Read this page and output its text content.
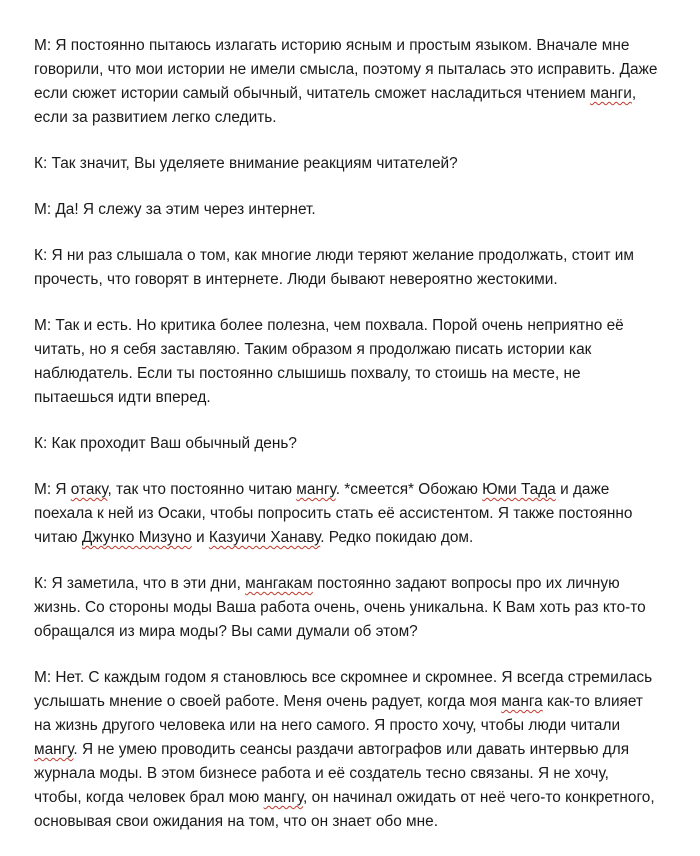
М: Я постоянно пытаюсь излагать историю ясным и простым языком. Вначале мне
говорили, что мои истории не имели смысла, поэтому я пыталась это исправить. Даже
если сюжет истории самый обычный, читатель сможет насладиться чтением манги,
если за развитием легко следить.

К: Так значит, Вы уделяете внимание реакциям читателей?

М: Да! Я слежу за этим через интернет.

К: Я ни раз слышала о том, как многие люди теряют желание продолжать, стоит им
прочесть, что говорят в интернете. Люди бывают невероятно жестокими.

М: Так и есть. Но критика более полезна, чем похвала. Порой очень неприятно её
читать, но я себя заставляю. Таким образом я продолжаю писать истории как
наблюдатель. Если ты постоянно слышишь похвалу, то стоишь на месте, не
пытаешься идти вперед.

К: Как проходит Ваш обычный день?

М: Я отаку, так что постоянно читаю мангу. *смеется* Обожаю Юми Тада и даже
поехала к ней из Осаки, чтобы попросить стать её ассистентом. Я также постоянно
читаю Джунко Мизуно и Казуичи Ханаву. Редко покидаю дом.

К: Я заметила, что в эти дни, мангакам постоянно задают вопросы про их личную
жизнь. Со стороны моды Ваша работа очень, очень уникальна. К Вам хоть раз кто-то
обращался из мира моды? Вы сами думали об этом?

М: Нет. С каждым годом я становлюсь все скромнее и скромнее. Я всегда стремилась
услышать мнение о своей работе. Меня очень радует, когда моя манга как-то влияет
на жизнь другого человека или на него самого. Я просто хочу, чтобы люди читали
мангу. Я не умею проводить сеансы раздачи автографов или давать интервью для
журнала моды. В этом бизнесе работа и её создатель тесно связаны. Я не хочу,
чтобы, когда человек брал мою мангу, он начинал ожидать от неё чего-то конкретного,
основывая свои ожидания на том, что он знает обо мне.
